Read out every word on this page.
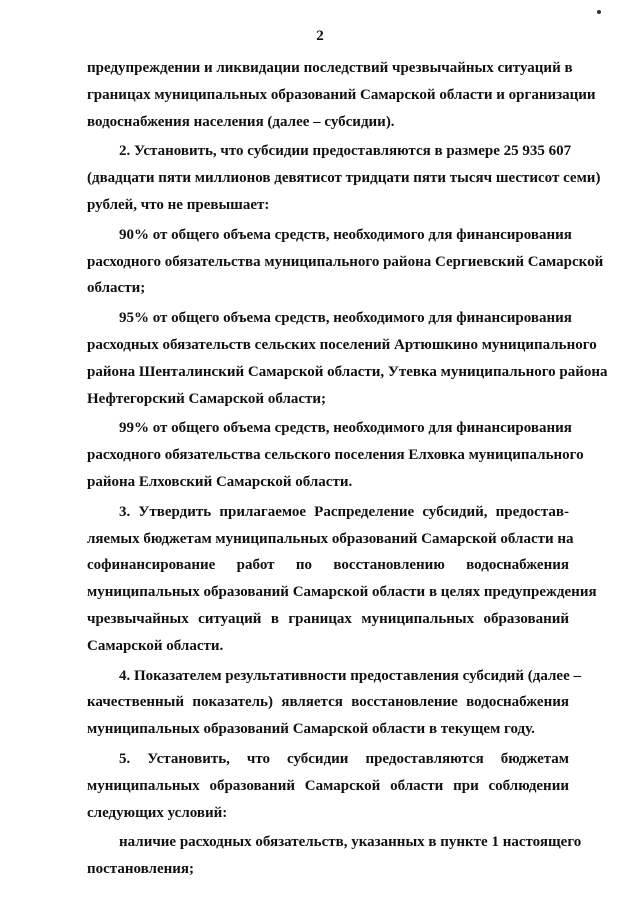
2
предупреждении и ликвидации последствий чрезвычайных ситуаций в
границах муниципальных образований Самарской области и организации
водоснабжения населения (далее – субсидии).
2. Установить, что субсидии предоставляются в размере 25 935 607
(двадцати пяти миллионов девятисот тридцати пяти тысяч шестисот семи)
рублей, что не превышает:
90% от общего объема средств, необходимого для финансирования
расходного обязательства муниципального района Сергиевский Самарской
области;
95% от общего объема средств, необходимого для финансирования
расходных обязательств сельских поселений Артюшкино муниципального
района Шенталинский Самарской области, Утевка муниципального района
Нефтегорский Самарской области;
99% от общего объема средств, необходимого для финансирования
расходного обязательства сельского поселения Елховка муниципального
района Елховский Самарской области.
3. Утвердить прилагаемое Распределение субсидий, предостав-
ляемых бюджетам муниципальных образований Самарской области на
софинансирование работ по восстановлению водоснабжения
муниципальных образований Самарской области в целях предупреждения
чрезвычайных ситуаций в границах муниципальных образований
Самарской области.
4. Показателем результативности предоставления субсидий (далее –
качественный показатель) является восстановление водоснабжения
муниципальных образований Самарской области в текущем году.
5. Установить, что субсидии предоставляются бюджетам
муниципальных образований Самарской области при соблюдении
следующих условий:
наличие расходных обязательств, указанных в пункте 1 настоящего
постановления;
